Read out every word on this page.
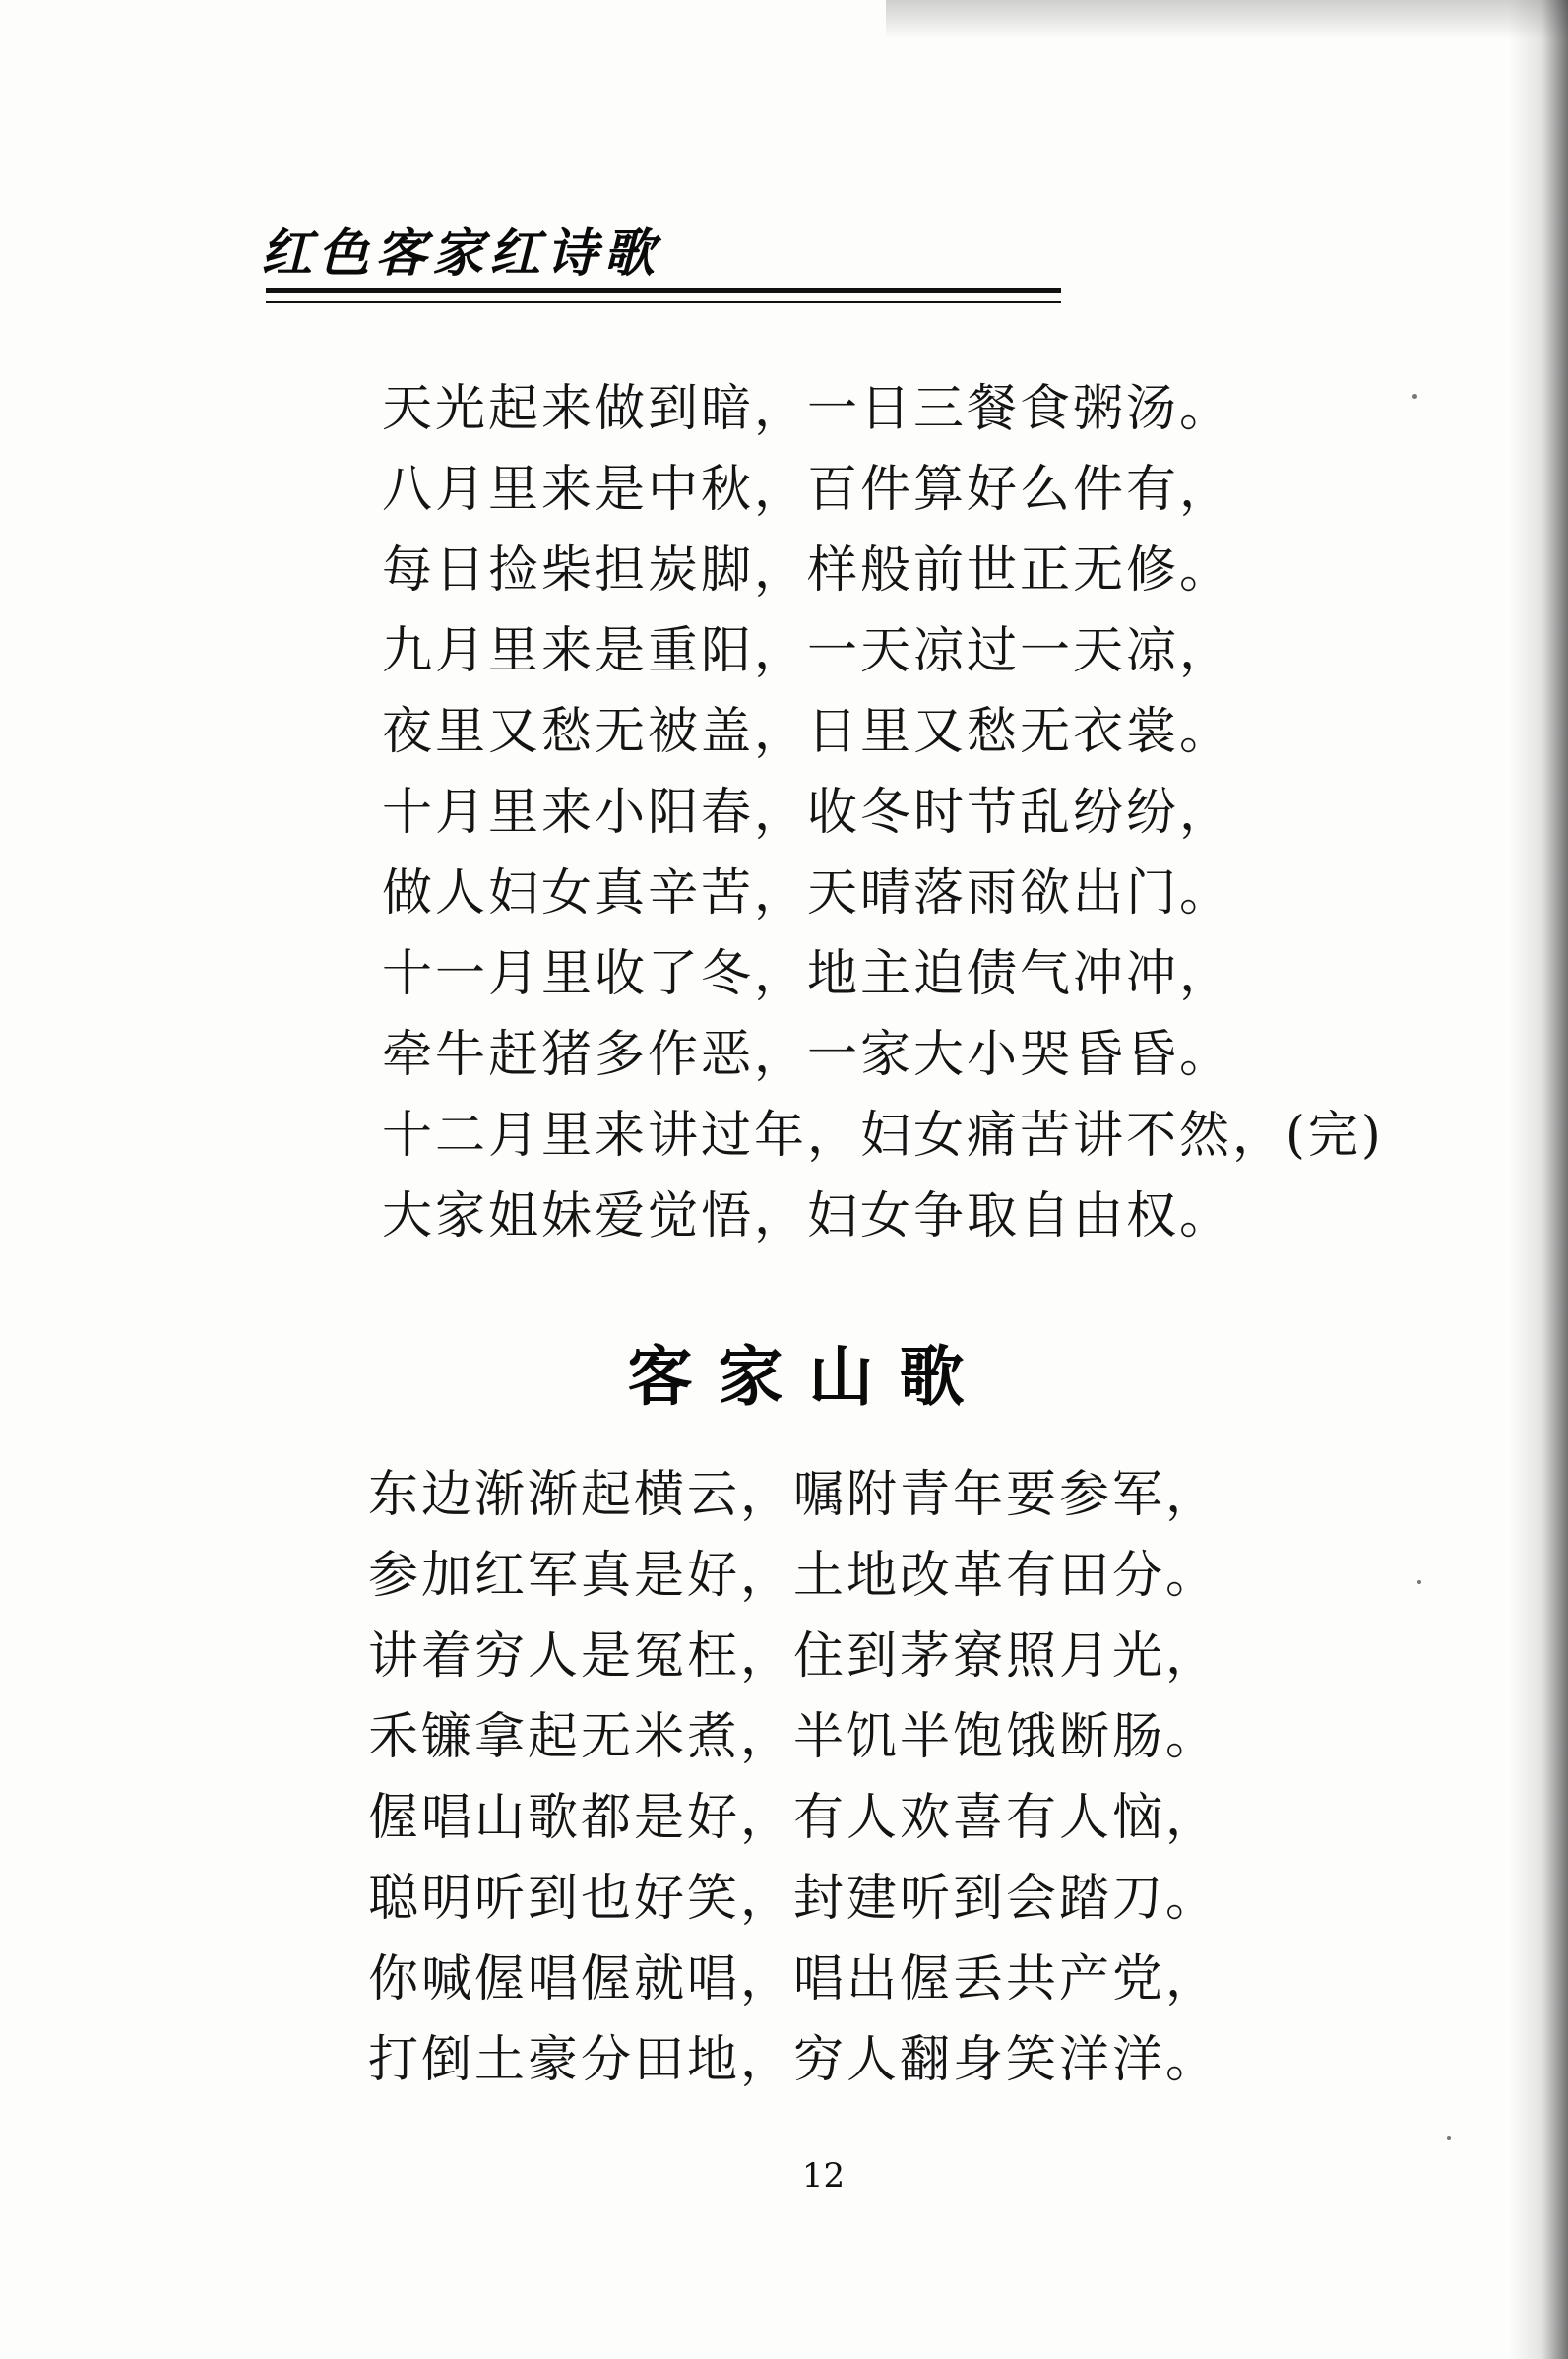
红色客家红诗歌
天光起来做到暗，一日三餐食粥汤。
八月里来是中秋，百件算好么件有，
每日捡柴担炭脚，样般前世正无修。
九月里来是重阳，一天凉过一天凉，
夜里又愁无被盖，日里又愁无衣裳。
十月里来小阳春，收冬时节乱纷纷，
做人妇女真辛苦，天晴落雨欲出门。
十一月里收了冬，地主迫债气冲冲，
牵牛赶猪多作恶，一家大小哭昏昏。
十二月里来讲过年，妇女痛苦讲不然，(完)
大家姐妹爱觉悟，妇女争取自由权。
客家山歌
东边渐渐起横云，嘱附青年要参军，
参加红军真是好，土地改革有田分。
讲着穷人是冤枉，住到茅寮照月光，
禾镰拿起无米煮，半饥半饱饿断肠。
偓唱山歌都是好，有人欢喜有人恼，
聪明听到也好笑，封建听到会踏刀。
你喊偓唱偓就唱，唱出偓丢共产党，
打倒土豪分田地，穷人翻身笑洋洋。
12
